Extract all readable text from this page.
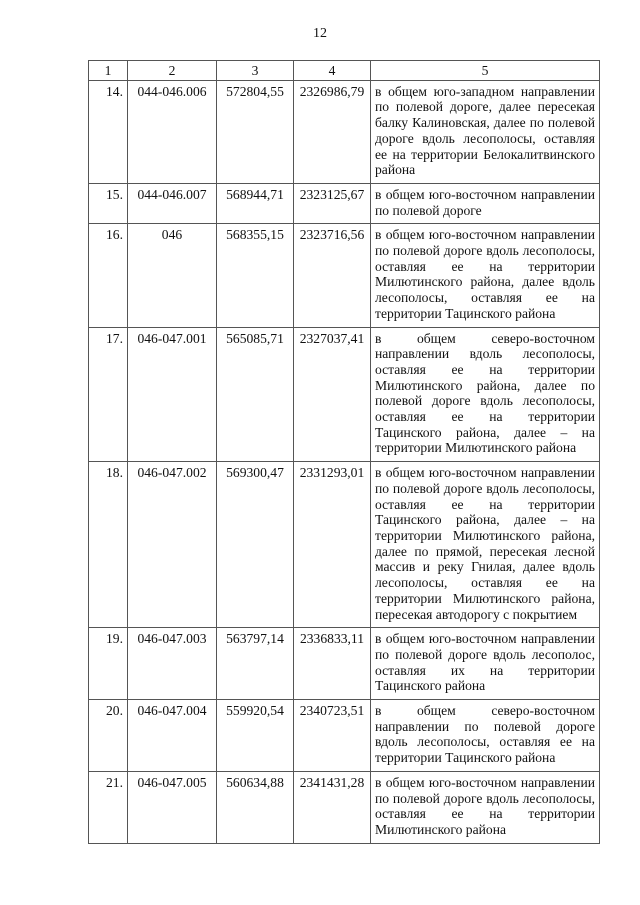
12
1	2	3	4	5
14.	044-046.006	572804,55	2326986,79	в общем юго-западном направлении по полевой дороге, далее пересекая балку Калиновская, далее по полевой дороге вдоль лесополосы, оставляя ее на территории Белокалитвинского района
15.	044-046.007	568944,71	2323125,67	в общем юго-восточном направлении по полевой дороге
16.	046	568355,15	2323716,56	в общем юго-восточном направлении по полевой дороге вдоль лесополосы, оставляя ее на территории Милютинского района, далее вдоль лесополосы, оставляя ее на территории Тацинского района
17.	046-047.001	565085,71	2327037,41	в общем северо-восточном направлении вдоль лесополосы, оставляя ее на территории Милютинского района, далее по полевой дороге вдоль лесополосы, оставляя ее на территории Тацинского района, далее – на территории Милютинского района
18.	046-047.002	569300,47	2331293,01	в общем юго-восточном направлении по полевой дороге вдоль лесополосы, оставляя ее на территории Тацинского района, далее – на территории Милютинского района, далее по прямой, пересекая лесной массив и реку Гнилая, далее вдоль лесополосы, оставляя ее на территории Милютинского района, пересекая автодорогу с покрытием
19.	046-047.003	563797,14	2336833,11	в общем юго-восточном направлении по полевой дороге вдоль лесополос, оставляя их на территории Тацинского района
20.	046-047.004	559920,54	2340723,51	в общем северо-восточном направлении по полевой дороге вдоль лесополосы, оставляя ее на территории Тацинского района
21.	046-047.005	560634,88	2341431,28	в общем юго-восточном направлении по полевой дороге вдоль лесополосы, оставляя ее на территории Милютинского района
